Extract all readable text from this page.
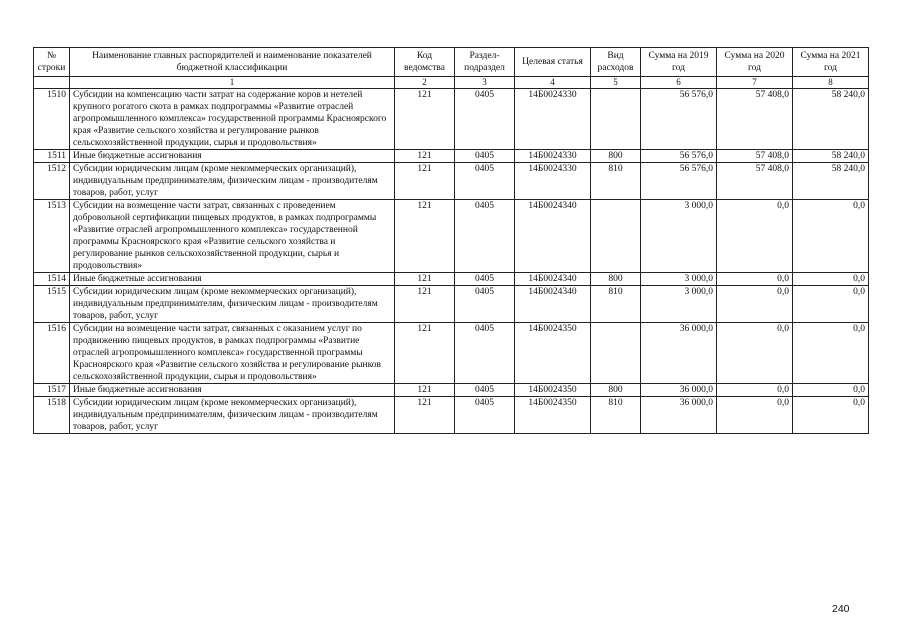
№ строки	Наименование главных распорядителей и наименование показателей бюджетной классификации	Код ведомства	Раздел-подраздел	Целевая статья	Вид расходов	Сумма на 2019 год	Сумма на 2020 год	Сумма на 2021 год
	1	2	3	4	5	6	7	8
1510	Субсидии на компенсацию части затрат на содержание коров и нетелей крупного рогатого скота в рамках подпрограммы «Развитие отраслей агропромышленного комплекса» государственной программы Красноярского края «Развитие сельского хозяйства и регулирование рынков сельскохозяйственной продукции, сырья и продовольствия»	121	0405	14Б0024330		56 576,0	57 408,0	58 240,0
1511	Иные бюджетные ассигнования	121	0405	14Б0024330	800	56 576,0	57 408,0	58 240,0
1512	Субсидии юридическим лицам (кроме некоммерческих организаций), индивидуальным предпринимателям, физическим лицам - производителям товаров, работ, услуг	121	0405	14Б0024330	810	56 576,0	57 408,0	58 240,0
1513	Субсидии на возмещение части затрат, связанных с проведением добровольной сертификации пищевых продуктов, в рамках подпрограммы «Развитие отраслей агропромышленного комплекса» государственной программы Красноярского края «Развитие сельского хозяйства и регулирование рынков сельскохозяйственной продукции, сырья и продовольствия»	121	0405	14Б0024340		3 000,0	0,0	0,0
1514	Иные бюджетные ассигнования	121	0405	14Б0024340	800	3 000,0	0,0	0,0
1515	Субсидии юридическим лицам (кроме некоммерческих организаций), индивидуальным предпринимателям, физическим лицам - производителям товаров, работ, услуг	121	0405	14Б0024340	810	3 000,0	0,0	0,0
1516	Субсидии на возмещение части затрат, связанных с оказанием услуг по продвижению пищевых продуктов, в рамках подпрограммы «Развитие отраслей агропромышленного комплекса» государственной программы Красноярского края «Развитие сельского хозяйства и регулирование рынков сельскохозяйственной продукции, сырья и продовольствия»	121	0405	14Б0024350		36 000,0	0,0	0,0
1517	Иные бюджетные ассигнования	121	0405	14Б0024350	800	36 000,0	0,0	0,0
1518	Субсидии юридическим лицам (кроме некоммерческих организаций), индивидуальным предпринимателям, физическим лицам - производителям товаров, работ, услуг	121	0405	14Б0024350	810	36 000,0	0,0	0,0
240
